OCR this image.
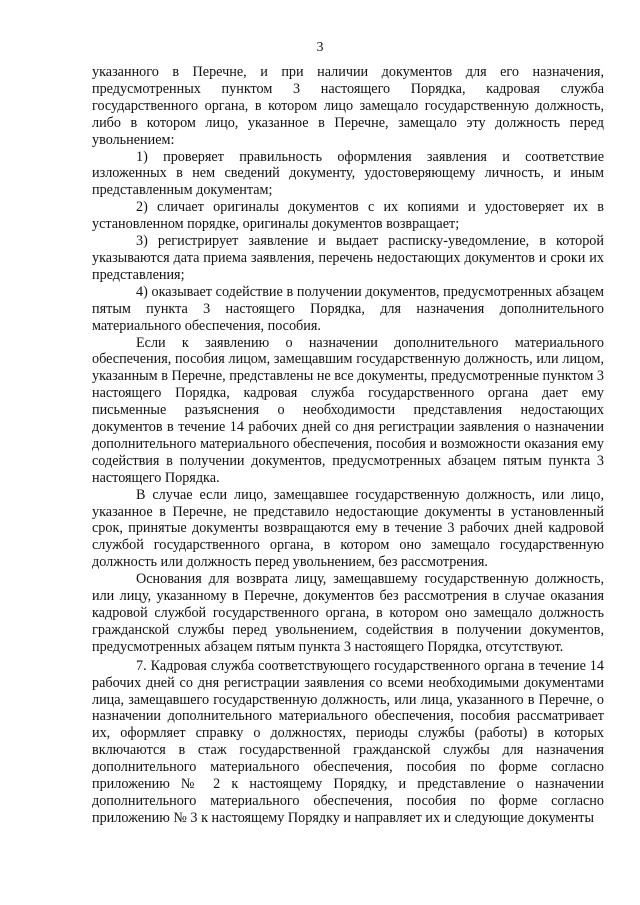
3

указанного в Перечне, и при наличии документов для его назначения, предусмотренных пунктом 3 настоящего Порядка, кадровая служба государственного органа, в котором лицо замещало государственную должность, либо в котором лицо, указанное в Перечне, замещало эту должность перед увольнением:

1) проверяет правильность оформления заявления и соответствие изложенных в нем сведений документу, удостоверяющему личность, и иным представленным документам;

2) сличает оригиналы документов с их копиями и удостоверяет их в установленном порядке, оригиналы документов возвращает;

3) регистрирует заявление и выдает расписку-уведомление, в которой указываются дата приема заявления, перечень недостающих документов и сроки их представления;

4) оказывает содействие в получении документов, предусмотренных абзацем пятым пункта 3 настоящего Порядка, для назначения дополнительного материального обеспечения, пособия.

Если к заявлению о назначении дополнительного материального обеспечения, пособия лицом, замещавшим государственную должность, или лицом, указанным в Перечне, представлены не все документы, предусмотренные пунктом 3 настоящего Порядка, кадровая служба государственного органа дает ему письменные разъяснения о необходимости представления недостающих документов в течение 14 рабочих дней со дня регистрации заявления о назначении дополнительного материального обеспечения, пособия и возможности оказания ему содействия в получении документов, предусмотренных абзацем пятым пункта 3 настоящего Порядка.

В случае если лицо, замещавшее государственную должность, или лицо, указанное в Перечне, не представило недостающие документы в установленный срок, принятые документы возвращаются ему в течение 3 рабочих дней кадровой службой государственного органа, в котором оно замещало государственную должность или должность перед увольнением, без рассмотрения.

Основания для возврата лицу, замещавшему государственную должность, или лицу, указанному в Перечне, документов без рассмотрения в случае оказания кадровой службой государственного органа, в котором оно замещало должность гражданской службы перед увольнением, содействия в получении документов, предусмотренных абзацем пятым пункта 3 настоящего Порядка, отсутствуют.

7. Кадровая служба соответствующего государственного органа в течение 14 рабочих дней со дня регистрации заявления со всеми необходимыми документами лица, замещавшего государственную должность, или лица, указанного в Перечне, о назначении дополнительного материального обеспечения, пособия рассматривает их, оформляет справку о должностях, периоды службы (работы) в которых включаются в стаж государственной гражданской службы для назначения дополнительного материального обеспечения, пособия по форме согласно приложению № 2 к настоящему Порядку, и представление о назначении дополнительного материального обеспечения, пособия по форме согласно приложению № 3 к настоящему Порядку и направляет их и следующие документы
